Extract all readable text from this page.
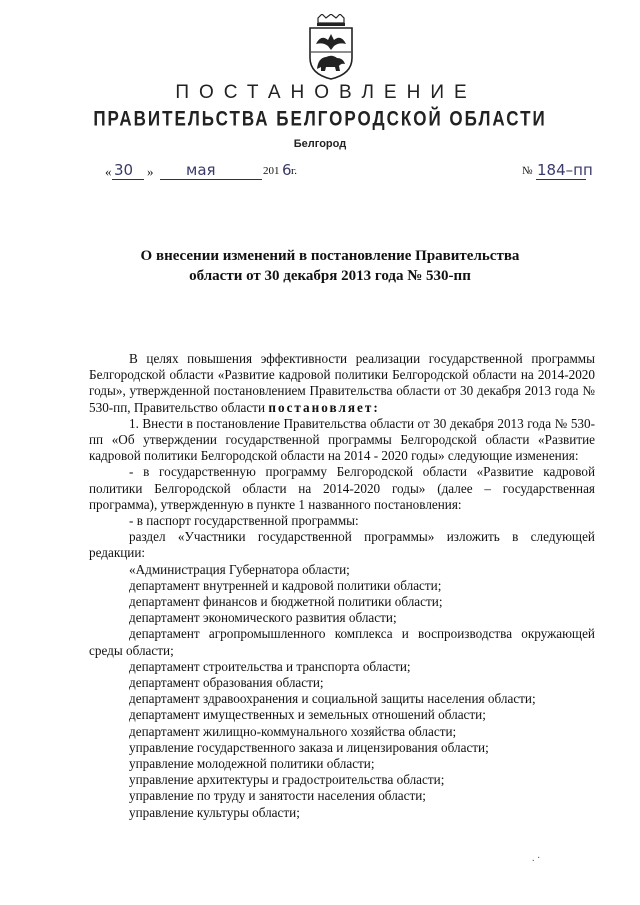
ПОСТАНОВЛЕНИЕ
ПРАВИТЕЛЬСТВА БЕЛГОРОДСКОЙ ОБЛАСТИ
Белгород
« 30 » мая	201 6 г.	№ 184–пп
О внесении изменений в постановление Правительства
области от 30 декабря 2013 года № 530-пп

В целях повышения эффективности реализации государственной программы Белгородской области «Развитие кадровой политики Белгородской области на 2014-2020 годы», утвержденной постановлением Правительства области от 30 декабря 2013 года № 530-пп, Правительство области постановляет:

1. Внести в постановление Правительства области от 30 декабря 2013 года № 530-пп «Об утверждении государственной программы Белгородской области «Развитие кадровой политики Белгородской области на 2014 - 2020 годы» следующие изменения:

- в государственную программу Белгородской области «Развитие кадровой политики Белгородской области на 2014-2020 годы» (далее – государственная программа), утвержденную в пункте 1 названного постановления:

- в паспорт государственной программы:

раздел «Участники государственной программы» изложить в следующей редакции:

«Администрация Губернатора области;

департамент внутренней и кадровой политики области;

департамент финансов и бюджетной политики области;

департамент экономического развития области;

департамент агропромышленного комплекса и воспроизводства окружающей среды области;

департамент строительства и транспорта области;

департамент образования области;

департамент здравоохранения и социальной защиты населения области;

департамент имущественных и земельных отношений области;

департамент жилищно-коммунального хозяйства области;

управление государственного заказа и лицензирования области;

управление молодежной политики области;

управление архитектуры и градостроительства области;

управление по труду и занятости населения области;

управление культуры области;

. ·
